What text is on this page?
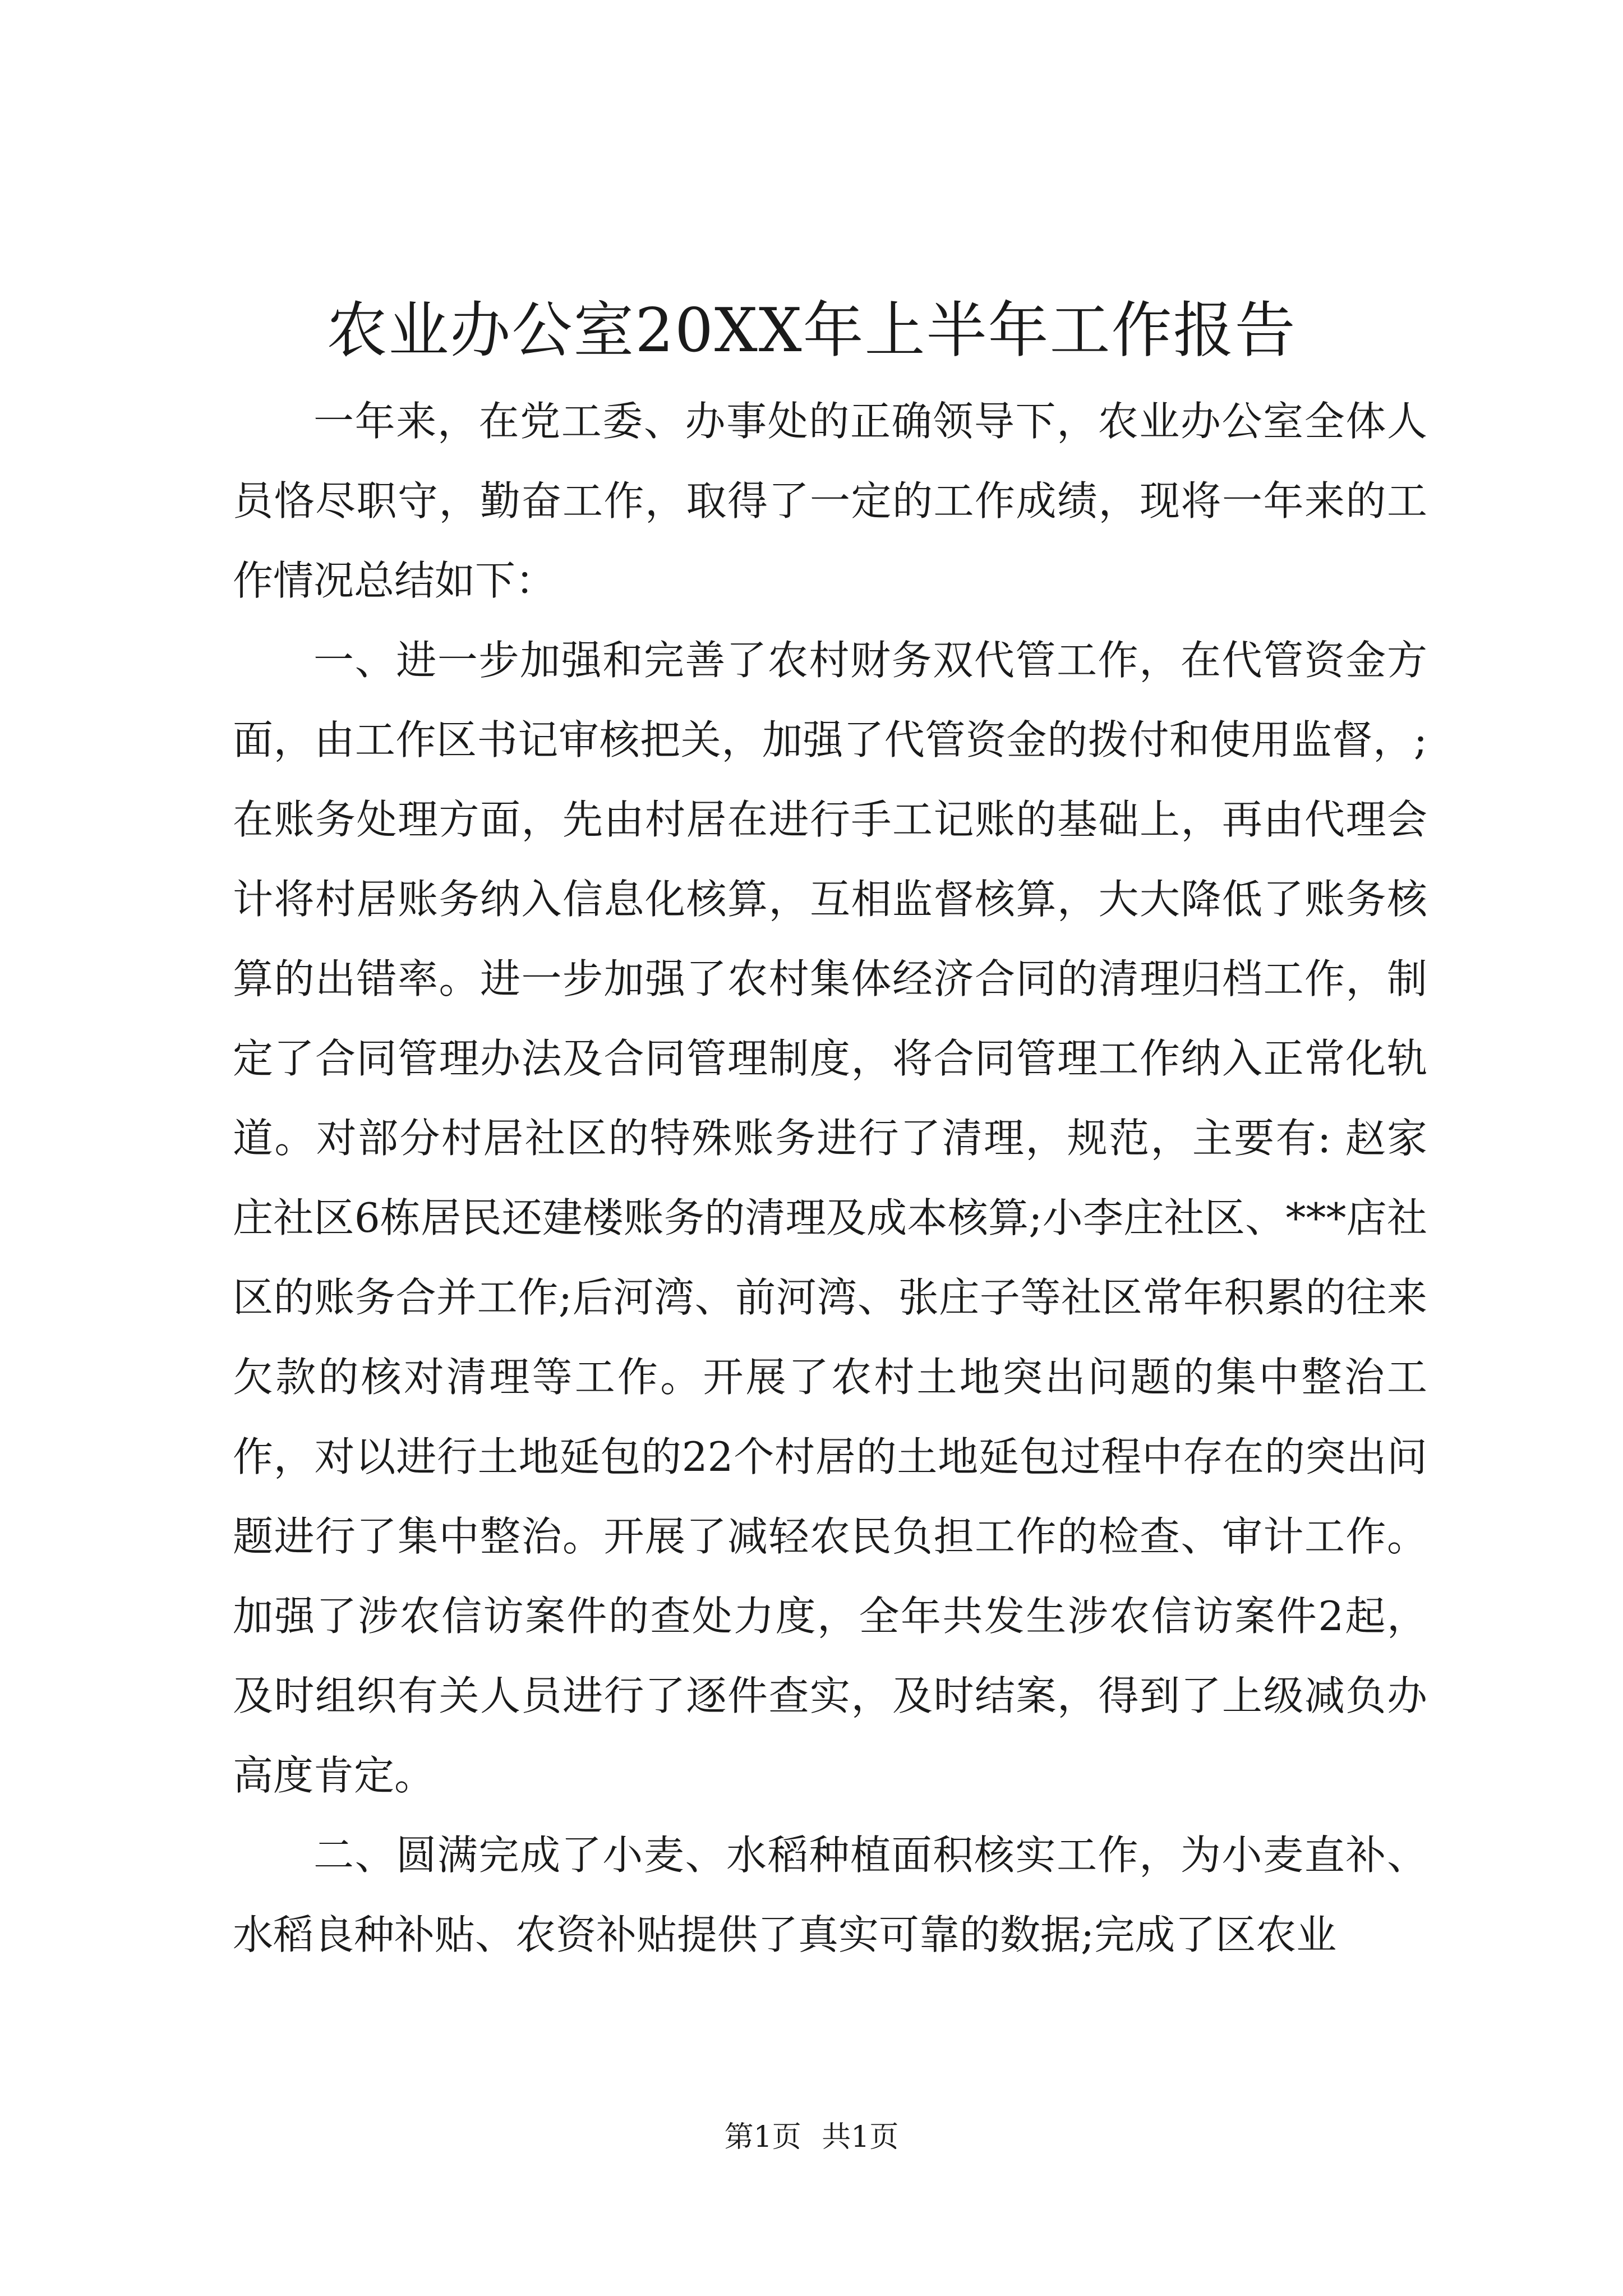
农业办公室20XX年上半年工作报告

一年来，在党工委、办事处的正确领导下，农业办公室全体人员恪尽职守，勤奋工作，取得了一定的工作成绩，现将一年来的工作情况总结如下：

一、进一步加强和完善了农村财务双代管工作，在代管资金方面，由工作区书记审核把关，加强了代管资金的拨付和使用监督，;在账务处理方面，先由村居在进行手工记账的基础上，再由代理会计将村居账务纳入信息化核算，互相监督核算，大大降低了账务核算的出错率。进一步加强了农村集体经济合同的清理归档工作，制定了合同管理办法及合同管理制度，将合同管理工作纳入正常化轨道。对部分村居社区的特殊账务进行了清理，规范，主要有: 赵家庄社区6栋居民还建楼账务的清理及成本核算;小李庄社区、***店社区的账务合并工作;后河湾、前河湾、张庄子等社区常年积累的往来欠款的核对清理等工作。开展了农村土地突出问题的集中整治工作，对以进行土地延包的22个村居的土地延包过程中存在的突出问题进行了集中整治。开展了减轻农民负担工作的检查、审计工作。加强了涉农信访案件的查处力度，全年共发生涉农信访案件2起，及时组织有关人员进行了逐件查实，及时结案，得到了上级减负办高度肯定。

二、圆满完成了小麦、水稻种植面积核实工作，为小麦直补、水稻良种补贴、农资补贴提供了真实可靠的数据;完成了区农业

第1页 共1页
